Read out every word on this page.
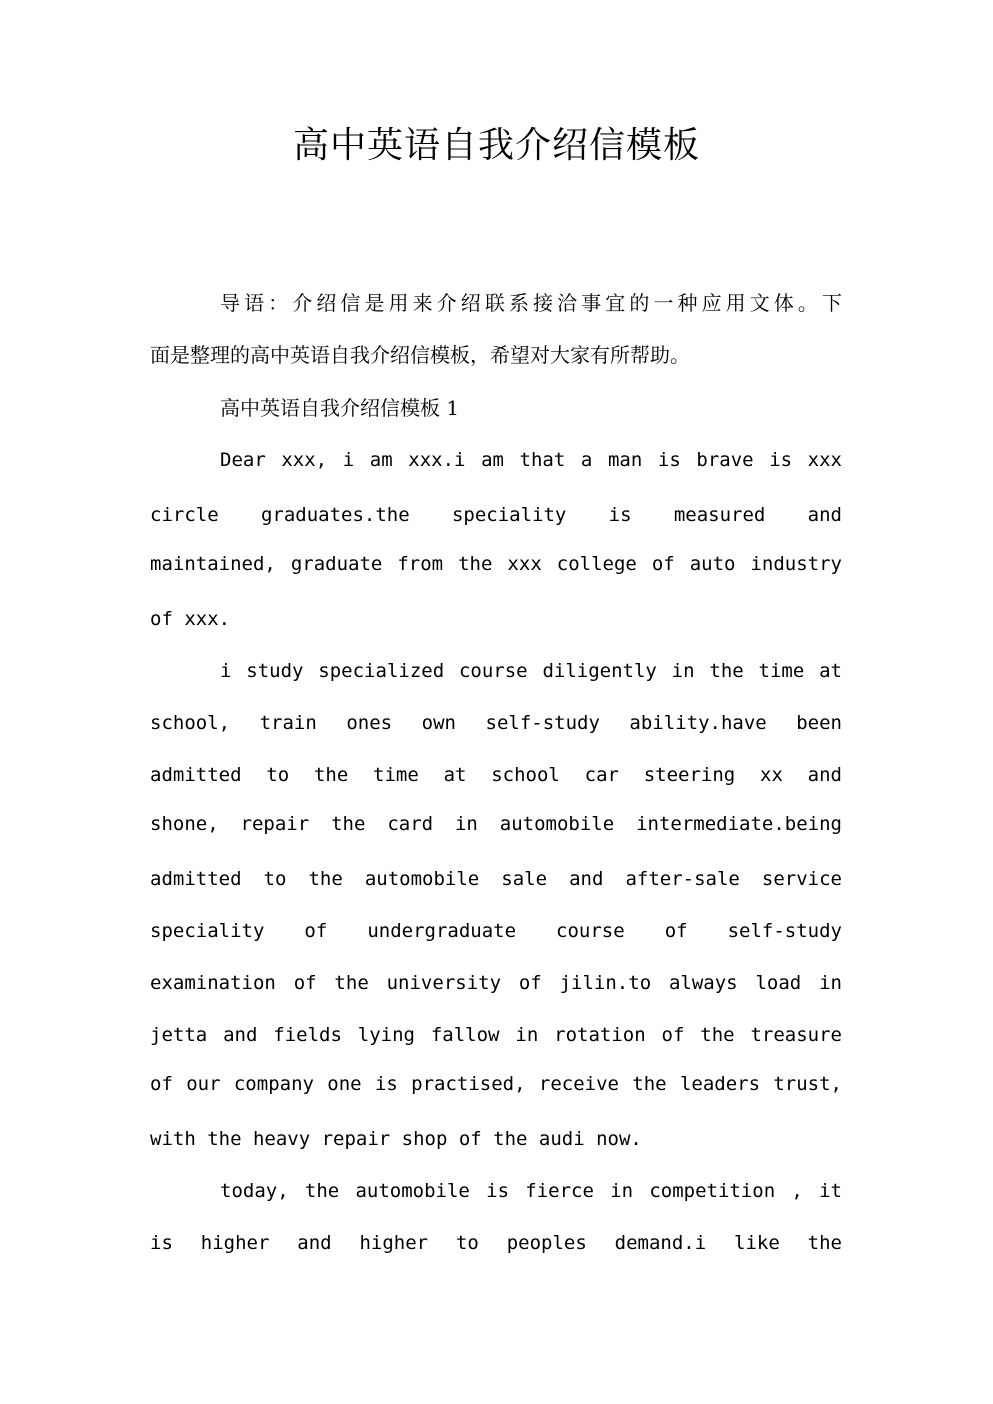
高中英语自我介绍信模板

导语：介绍信是用来介绍联系接洽事宜的一种应用文体。下

面是整理的高中英语自我介绍信模板，希望对大家有所帮助。

高中英语自我介绍信模板 1

Dear xxx, i am xxx.i am that a man is brave is xxx

circle graduates.the speciality is measured and

maintained, graduate from the xxx college of auto industry

of xxx.

i study specialized course diligently in the time at

school, train ones own self-study ability.have been

admitted to the time at school car steering xx and

shone, repair the card in automobile intermediate.being

admitted to the automobile sale and after-sale service

speciality of undergraduate course of self-study

examination of the university of jilin.to always load in

jetta and fields lying fallow in rotation of the treasure

of our company one is practised, receive the leaders trust,

with the heavy repair shop of the audi now.

today, the automobile is fierce in competition , it

is higher and higher to peoples demand.i like the
